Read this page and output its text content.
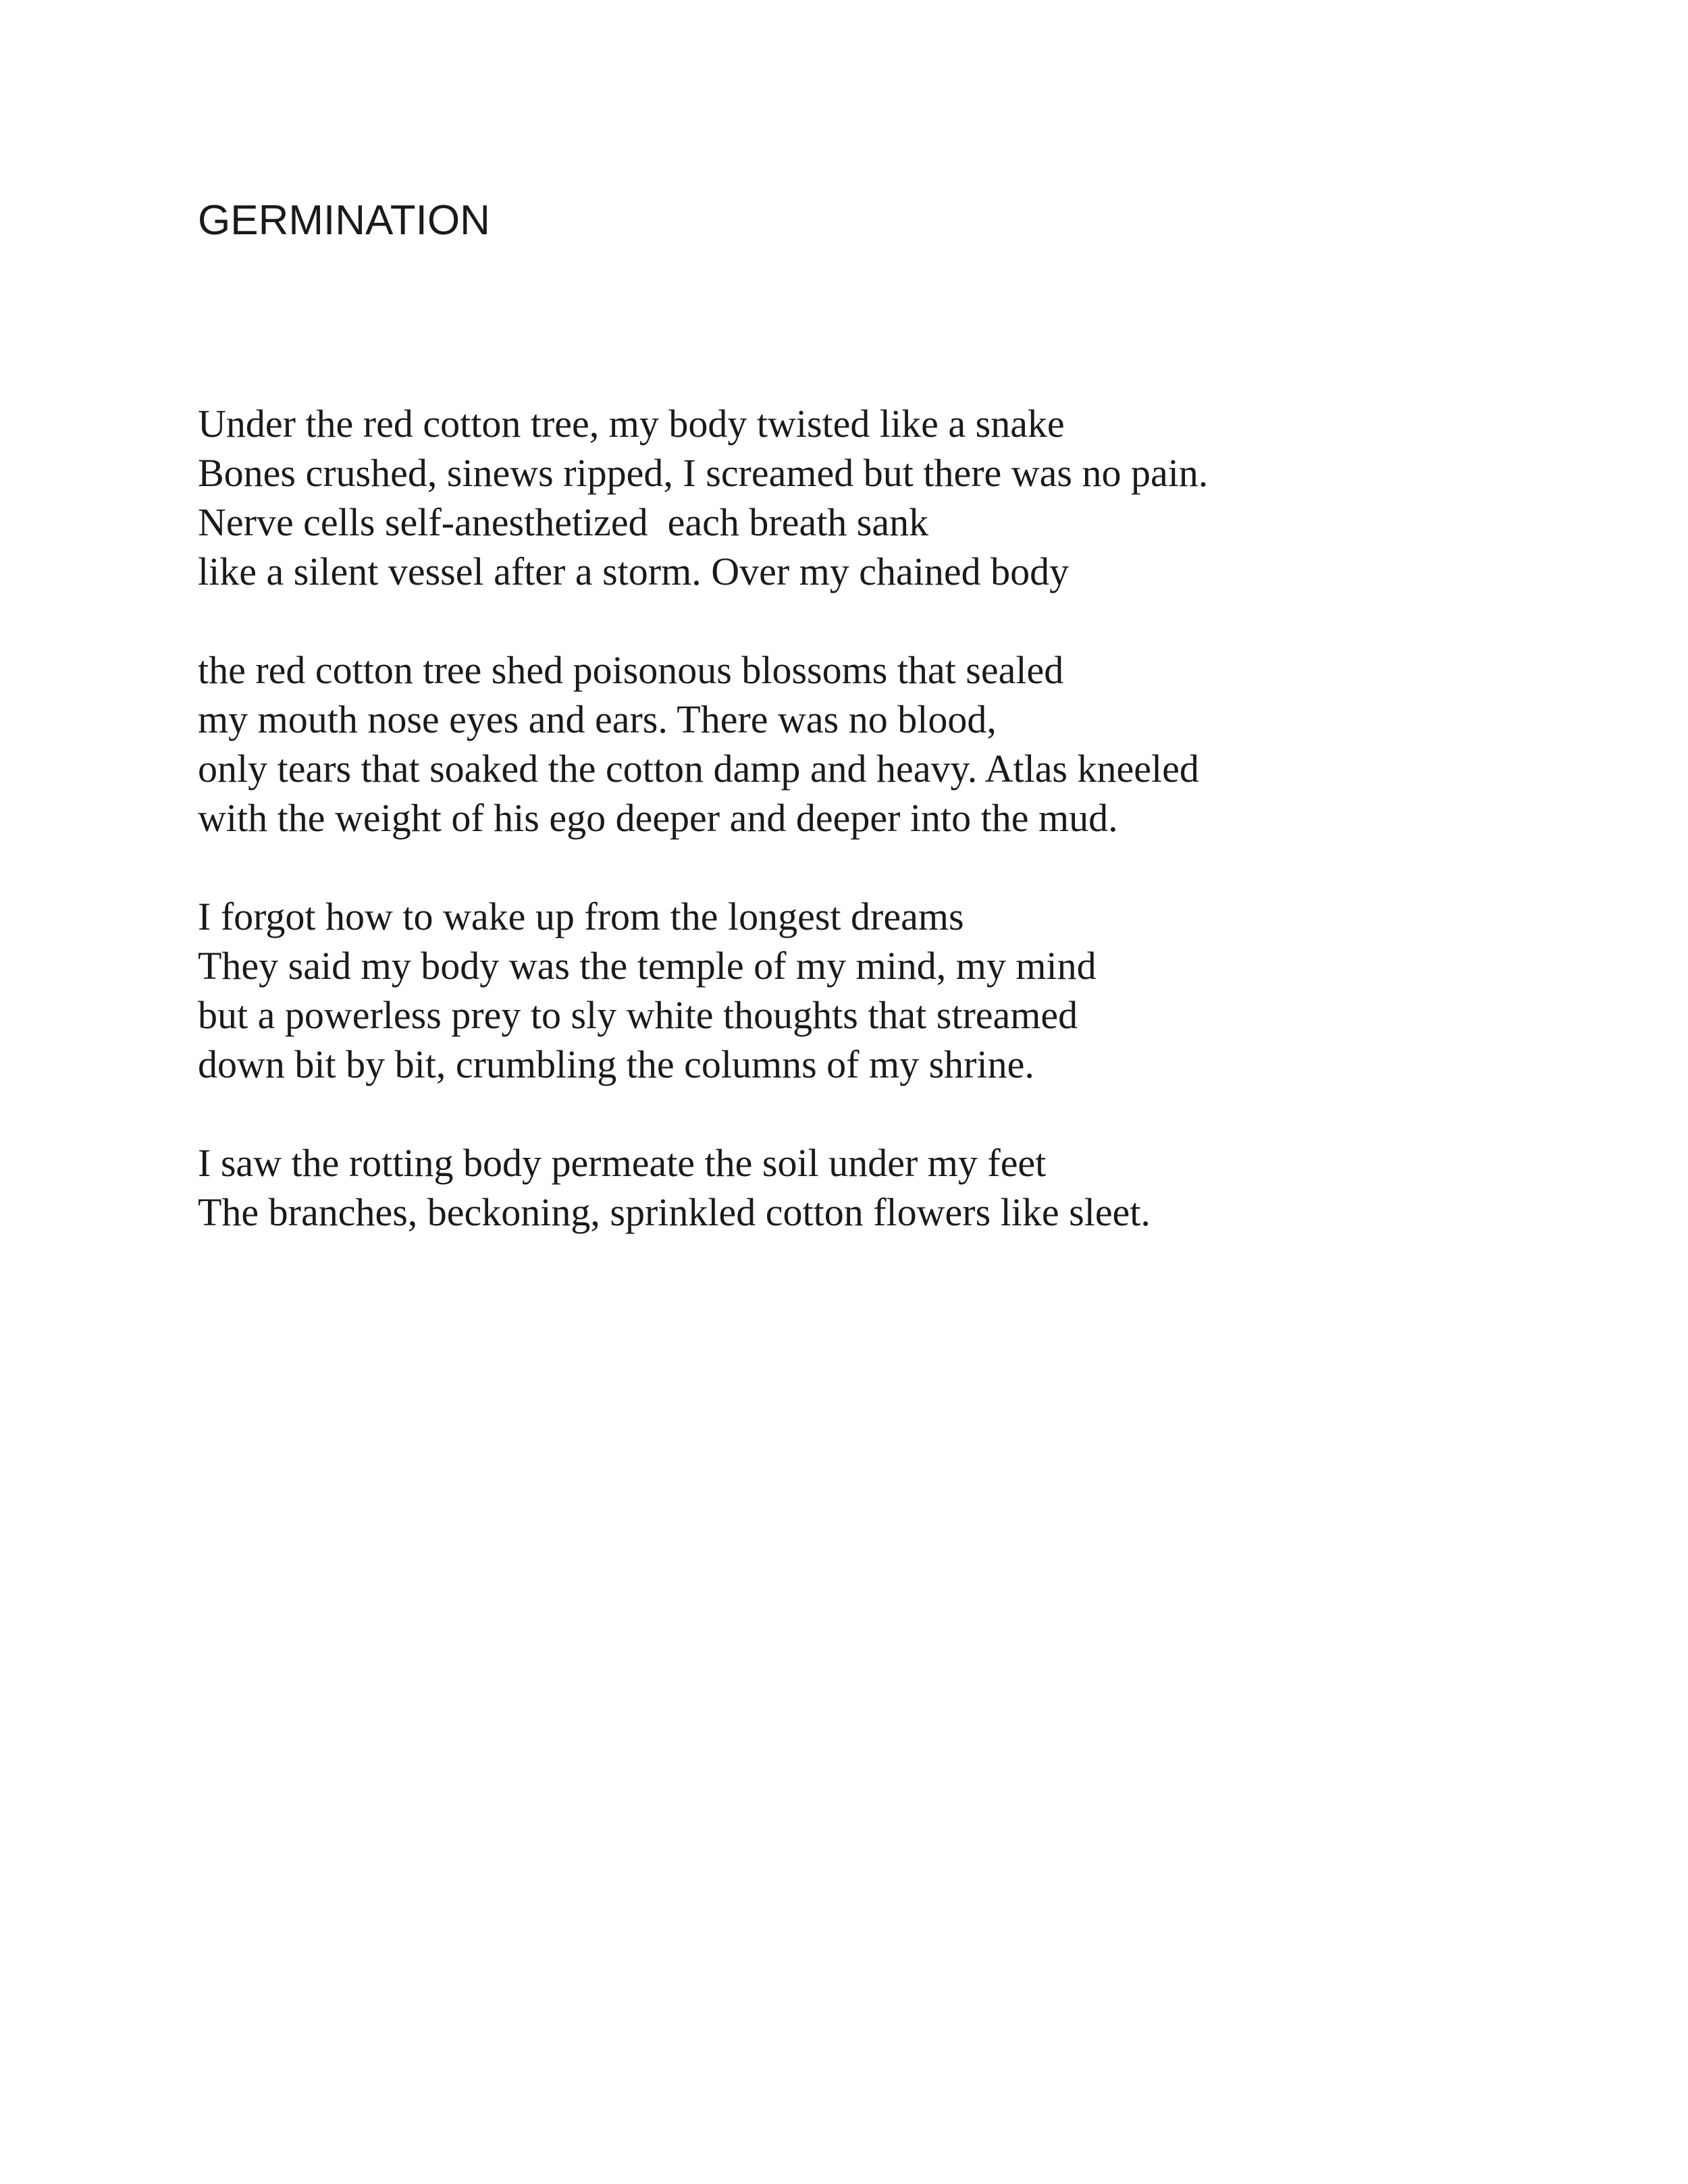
GERMINATION
Under the red cotton tree, my body twisted like a snake
Bones crushed, sinews ripped, I screamed but there was no pain.
Nerve cells self-anesthetized  each breath sank
like a silent vessel after a storm. Over my chained body
the red cotton tree shed poisonous blossoms that sealed
my mouth nose eyes and ears. There was no blood,
only tears that soaked the cotton damp and heavy. Atlas kneeled
with the weight of his ego deeper and deeper into the mud.
I forgot how to wake up from the longest dreams
They said my body was the temple of my mind, my mind
but a powerless prey to sly white thoughts that streamed
down bit by bit, crumbling the columns of my shrine.
I saw the rotting body permeate the soil under my feet
The branches, beckoning, sprinkled cotton flowers like sleet.
